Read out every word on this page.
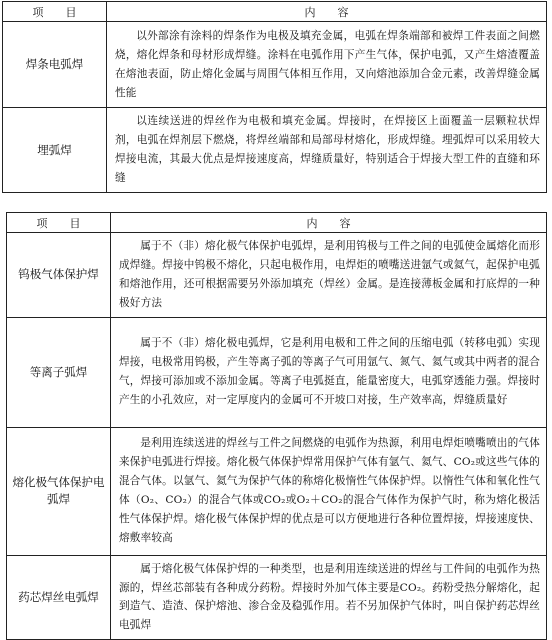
项 目	内 容
焊条电弧焊	以外部涂有涂料的焊条作为电极及填充金属，电弧在焊条端部和被焊工件表面之间燃烧，熔化焊条和母材形成焊缝。涂料在电弧作用下产生气体，保护电弧，又产生熔渣覆盖在熔池表面，防止熔化金属与周围气体相互作用，又向熔池添加合金元素，改善焊缝金属性能
埋弧焊	以连续送进的焊丝作为电极和填充金属。焊接时，在焊接区上面覆盖一层颗粒状焊剂，电弧在焊剂层下燃烧，将焊丝端部和局部母材熔化，形成焊缝。埋弧焊可以采用较大焊接电流，其最大优点是焊接速度高，焊缝质量好，特别适合于焊接大型工件的直缝和环缝
项 目	内 容
钨极气体保护焊	属于不（非）熔化极气体保护电弧焊，是利用钨极与工件之间的电弧使金属熔化而形成焊缝。焊接中钨极不熔化，只起电极作用，电焊炬的喷嘴送进氩气或氦气，起保护电弧和熔池作用，还可根据需要另外添加填充（焊丝）金属。是连接薄板金属和打底焊的一种极好方法
等离子弧焊	属于不（非）熔化极电弧焊，它是利用电极和工件之间的压缩电弧（转移电弧）实现焊接，电极常用钨极，产生等离子弧的等离子气可用氩气、氮气、氦气或其中两者的混合气，焊接可添加或不添加金属。等离子电弧挺直，能量密度大，电弧穿透能力强。焊接时产生的小孔效应，对一定厚度内的金属可不开坡口对接，生产效率高，焊缝质量好
熔化极气体保护电弧焊	是利用连续送进的焊丝与工件之间燃烧的电弧作为热源，利用电焊炬喷嘴喷出的气体来保护电弧进行焊接。熔化极气体保护焊常用保护气体有氩气、氦气、CO₂或这些气体的混合气体。以氩气、氦气为保护气体的称熔化极惰性气体保护焊。以惰性气体和氧化性气体（O₂、CO₂）的混合气体或CO₂或O₂＋CO₂的混合气体作为保护气时，称为熔化极活性气体保护焊。熔化极气体保护焊的优点是可以方便地进行各种位置焊接，焊接速度快、熔敷率较高
药芯焊丝电弧焊	属于熔化极气体保护焊的一种类型，也是利用连续送进的焊丝与工件间的电弧作为热源的，焊丝芯部装有各种成分药粉。焊接时外加气体主要是CO₂。药粉受热分解熔化，起到造气、造渣、保护熔池、渗合金及稳弧作用。若不另加保护气体时，叫自保护药芯焊丝电弧焊
